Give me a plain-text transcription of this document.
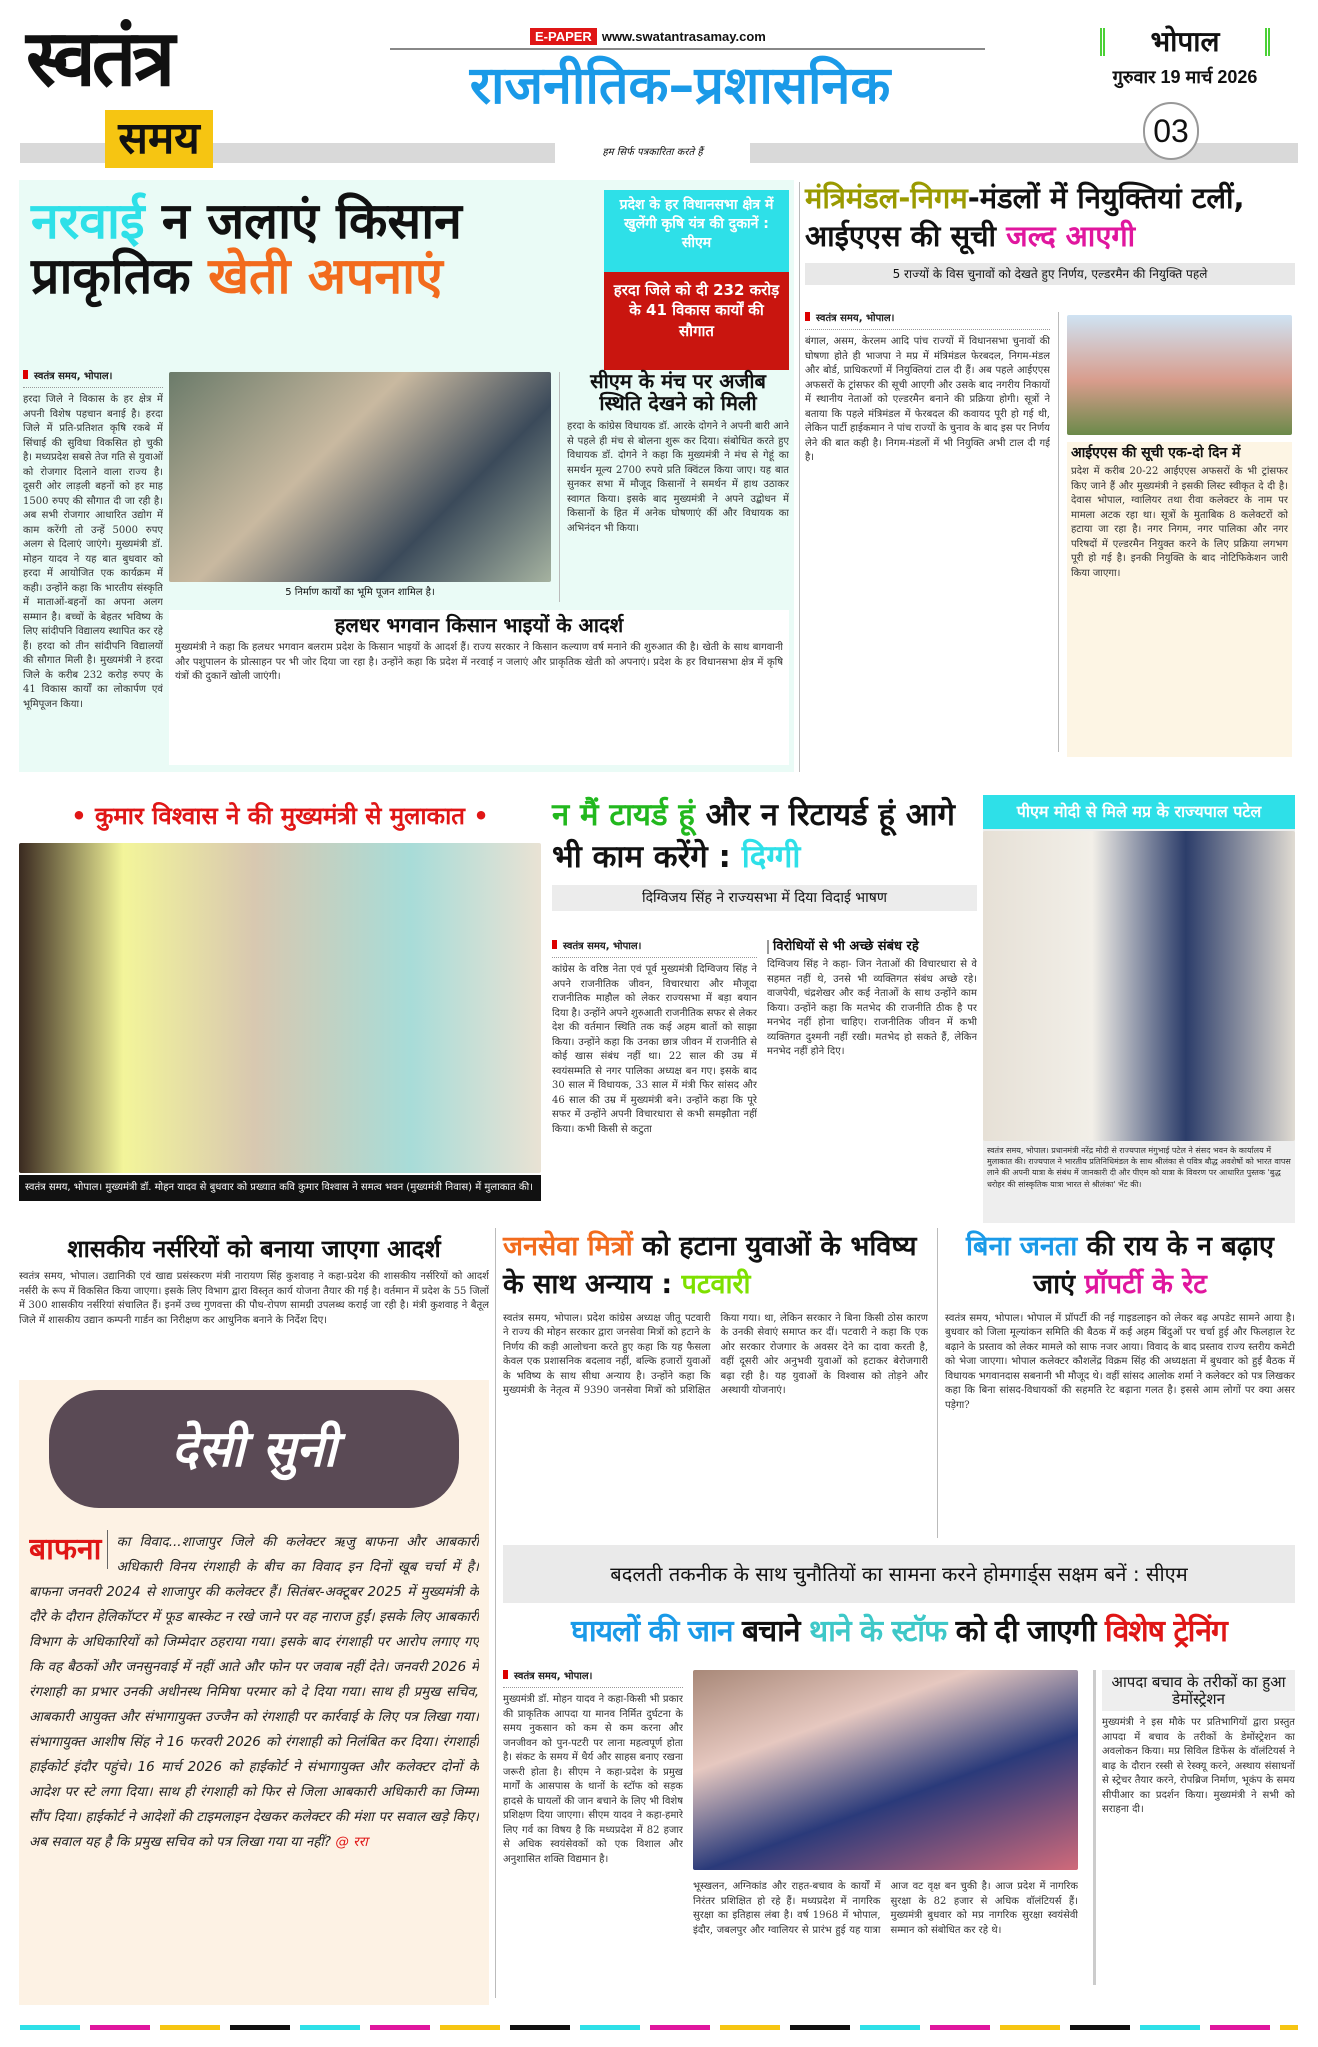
स्वतंत्र
समय	हम सिर्फ पत्रकारिता करते हैं
E-PAPER www.swatantrasamay.com
राजनीतिक–प्रशासनिक
भोपाल
गुरुवार 19 मार्च 2026
03
नरवाई न जलाएं किसान
प्राकृतिक खेती अपनाएं
प्रदेश के हर विधानसभा क्षेत्र में खुलेंगी कृषि यंत्र की दुकानें : सीएम
हरदा जिले को दी 232 करोड़ के 41 विकास कार्यों की सौगात
स्वतंत्र समय, भोपाल।
हरदा जिले ने विकास के हर क्षेत्र में अपनी विशेष पहचान बनाई है। हरदा जिले में प्रति-प्रतिशत कृषि रकबे में सिंचाई की सुविधा विकसित हो चुकी है। मध्यप्रदेश सबसे तेज गति से युवाओं को रोजगार दिलाने वाला राज्य है। दूसरी ओर लाड़ली बहनों को हर माह 1500 रुपए की सौगात दी जा रही है। अब सभी रोजगार आधारित उद्योग में काम करेंगी तो उन्हें 5000 रुपए अलग से दिलाएं जाएंगे। मुख्यमंत्री डॉ. मोहन यादव ने यह बात बुधवार को हरदा में आयोजित एक कार्यक्रम में कही। उन्होंने कहा कि भारतीय संस्कृति में माताओं-बहनों का अपना अलग सम्मान है। बच्चों के बेहतर भविष्य के लिए सांदीपनि विद्यालय स्थापित कर रहे हैं। हरदा को तीन सांदीपनि विद्यालयों की सौगात मिली है। मुख्यमंत्री ने हरदा जिले के करीब 232 करोड़ रुपए के 41 विकास कार्यों का लोकार्पण एवं भूमिपूजन किया।
5 निर्माण कार्यों का भूमि पूजन शामिल है।
सीएम के मंच पर अजीब स्थिति देखने को मिली
हरदा के कांग्रेस विधायक डॉ. आरके दोगने ने अपनी बारी आने से पहले ही मंच से बोलना शुरू कर दिया। संबोधित करते हुए विधायक डॉ. दोगने ने कहा कि मुख्यमंत्री ने मंच से गेहूं का समर्थन मूल्य 2700 रुपये प्रति क्विंटल किया जाए। यह बात सुनकर सभा में मौजूद किसानों ने समर्थन में हाथ उठाकर स्वागत किया। इसके बाद मुख्यमंत्री ने अपने उद्बोधन में किसानों के हित में अनेक घोषणाएं कीं और विधायक का अभिनंदन भी किया।
हलधर भगवान किसान भाइयों के आदर्श
मुख्यमंत्री ने कहा कि हलधर भगवान बलराम प्रदेश के किसान भाइयों के आदर्श हैं। राज्य सरकार ने किसान कल्याण वर्ष मनाने की शुरुआत की है। खेती के साथ बागवानी और पशुपालन के प्रोत्साहन पर भी जोर दिया जा रहा है। उन्होंने कहा कि प्रदेश में नरवाई न जलाएं और प्राकृतिक खेती को अपनाएं। प्रदेश के हर विधानसभा क्षेत्र में कृषि यंत्रों की दुकानें खोली जाएंगी।
मंत्रिमंडल-निगम-मंडलों में नियुक्तियां टलीं, आईएएस की सूची जल्द आएगी
5 राज्यों के विस चुनावों को देखते हुए निर्णय, एल्डरमैन की नियुक्ति पहले
स्वतंत्र समय, भोपाल।
बंगाल, असम, केरलम आदि पांच राज्यों में विधानसभा चुनावों की घोषणा होते ही भाजपा ने मप्र में मंत्रिमंडल फेरबदल, निगम-मंडल और बोर्ड, प्राधिकरणों में नियुक्तियां टाल दी हैं। अब पहले आईएएस अफसरों के ट्रांसफर की सूची आएगी और उसके बाद नगरीय निकायों में स्थानीय नेताओं को एल्डरमैन बनाने की प्रक्रिया होगी। सूत्रों ने बताया कि पहले मंत्रिमंडल में फेरबदल की कवायद पूरी हो गई थी, लेकिन पार्टी हाईकमान ने पांच राज्यों के चुनाव के बाद इस पर निर्णय लेने की बात कही है। निगम-मंडलों में भी नियुक्ति अभी टाल दी गई है।	आईएएस की सूची एक-दो दिन में
प्रदेश में करीब 20-22 आईएएस अफसरों के भी ट्रांसफर किए जाने हैं और मुख्यमंत्री ने इसकी लिस्ट स्वीकृत दे दी है। देवास भोपाल, ग्वालियर तथा रीवा कलेक्टर के नाम पर मामला अटक रहा था। सूत्रों के मुताबिक 8 कलेक्टरों को हटाया जा रहा है। नगर निगम, नगर पालिका और नगर परिषदों में एल्डरमैन नियुक्त करने के लिए प्रक्रिया लगभग पूरी हो गई है। इनकी नियुक्ति के बाद नोटिफिकेशन जारी किया जाएगा।
• कुमार विश्वास ने की मुख्यमंत्री से मुलाकात •
स्वतंत्र समय, भोपाल। मुख्यमंत्री डॉ. मोहन यादव से बुधवार को प्रख्यात कवि कुमार विश्वास ने समत्व भवन (मुख्यमंत्री निवास) में मुलाकात की।
न मैं टायर्ड हूं और न रिटायर्ड हूं आगे भी काम करेंगे : दिग्गी
दिग्विजय सिंह ने राज्यसभा में दिया विदाई भाषण
स्वतंत्र समय, भोपाल।
कांग्रेस के वरिष्ठ नेता एवं पूर्व मुख्यमंत्री दिग्विजय सिंह ने अपने राजनीतिक जीवन, विचारधारा और मौजूदा राजनीतिक माहौल को लेकर राज्यसभा में बड़ा बयान दिया है। उन्होंने अपने शुरुआती राजनीतिक सफर से लेकर देश की वर्तमान स्थिति तक कई अहम बातों को साझा किया। उन्होंने कहा कि उनका छात्र जीवन में राजनीति से कोई खास संबंध नहीं था। 22 साल की उम्र में स्वयंसम्मति से नगर पालिका अध्यक्ष बन गए। इसके बाद 30 साल में विधायक, 33 साल में मंत्री फिर सांसद और 46 साल की उम्र में मुख्यमंत्री बने। उन्होंने कहा कि पूरे सफर में उन्होंने अपनी विचारधारा से कभी समझौता नहीं किया। कभी किसी से कटुता
विरोधियों से भी अच्छे संबंध रहे
दिग्विजय सिंह ने कहा- जिन नेताओं की विचारधारा से वे सहमत नहीं थे, उनसे भी व्यक्तिगत संबंध अच्छे रहे। वाजपेयी, चंद्रशेखर और कई नेताओं के साथ उन्होंने काम किया। उन्होंने कहा कि मतभेद की राजनीति ठीक है पर मनभेद नहीं होना चाहिए। राजनीतिक जीवन में कभी व्यक्तिगत दुश्मनी नहीं रखी। मतभेद हो सकते हैं, लेकिन मनभेद नहीं होने दिए।
पीएम मोदी से मिले मप्र के राज्यपाल पटेल
स्वतंत्र समय, भोपाल। प्रधानमंत्री नरेंद्र मोदी से राज्यपाल मंगुभाई पटेल ने संसद भवन के कार्यालय में मुलाकात की। राज्यपाल ने भारतीय प्रतिनिधिमंडल के साथ श्रीलंका से पवित्र बौद्ध अवशेषों को भारत वापस लाने की अपनी यात्रा के संबंध में जानकारी दी और पीएम को यात्रा के विवरण पर आधारित पुस्तक 'बुद्ध धरोहर की सांस्कृतिक यात्रा भारत से श्रीलंका' भेंट की।
शासकीय नर्सरियों को बनाया जाएगा आदर्श
स्वतंत्र समय, भोपाल। उद्यानिकी एवं खाद्य प्रसंस्करण मंत्री नारायण सिंह कुशवाह ने कहा-प्रदेश की शासकीय नर्सरियों को आदर्श नर्सरी के रूप में विकसित किया जाएगा। इसके लिए विभाग द्वारा विस्तृत कार्य योजना तैयार की गई है। वर्तमान में प्रदेश के 55 जिलों में 300 शासकीय नर्सरियां संचालित हैं। इनमें उच्च गुणवत्ता की पौध-रोपण सामग्री उपलब्ध कराई जा रही है। मंत्री कुशवाह ने बैतूल जिले में शासकीय उद्यान कम्पनी गार्डन का निरीक्षण कर आधुनिक बनाने के निर्देश दिए।
जनसेवा मित्रों को हटाना युवाओं के भविष्य के साथ अन्याय : पटवारी
स्वतंत्र समय, भोपाल। प्रदेश कांग्रेस अध्यक्ष जीतू पटवारी ने राज्य की मोहन सरकार द्वारा जनसेवा मित्रों को हटाने के निर्णय की कड़ी आलोचना करते हुए कहा कि यह फैसला केवल एक प्रशासनिक बदलाव नहीं, बल्कि हजारों युवाओं के भविष्य के साथ सीधा अन्याय है। उन्होंने कहा कि मुख्यमंत्री के नेतृत्व में 9390 जनसेवा मित्रों को प्रशिक्षित किया गया। था, लेकिन सरकार ने बिना किसी ठोस कारण के उनकी सेवाएं समाप्त कर दीं। पटवारी ने कहा कि एक ओर सरकार रोजगार के अवसर देने का दावा करती है, वहीं दूसरी ओर अनुभवी युवाओं को हटाकर बेरोजगारी बढ़ा रही है। यह युवाओं के विश्वास को तोड़ने और अस्थायी योजनाएं।
बिना जनता की राय के न बढ़ाए जाएं प्रॉपर्टी के रेट
स्वतंत्र समय, भोपाल। भोपाल में प्रॉपर्टी की नई गाइडलाइन को लेकर बढ़ अपडेट सामने आया है। बुधवार को जिला मूल्यांकन समिति की बैठक में कई अहम बिंदुओं पर चर्चा हुई और फिलहाल रेट बढ़ाने के प्रस्ताव को लेकर मामले को साफ नजर आया। विवाद के बाद प्रस्ताव राज्य स्तरीय कमेटी को भेजा जाएगा। भोपाल कलेक्टर कौशलेंद्र विक्रम सिंह की अध्यक्षता में बुधवार को हुई बैठक में विधायक भगवानदास सबनानी भी मौजूद थे। वहीं सांसद आलोक शर्मा ने कलेक्टर को पत्र लिखकर कहा कि बिना सांसद-विधायकों की सहमति रेट बढ़ाना गलत है। इससे आम लोगों पर क्या असर पड़ेगा?
देसी सुनी
बाफना	का विवाद...शाजापुर जिले की कलेक्टर ऋजु बाफना और आबकारी अधिकारी विनय रंगशाही के बीच का विवाद इन दिनों खूब चर्चा में है। बाफना जनवरी 2024 से शाजापुर की कलेक्टर हैं। सितंबर-अक्टूबर 2025 में मुख्यमंत्री के दौरे के दौरान हेलिकॉप्टर में फूड बास्केट न रखे जाने पर वह नाराज हुईं। इसके लिए आबकारी विभाग के अधिकारियों को जिम्मेदार ठहराया गया। इसके बाद रंगशाही पर आरोप लगाए गए कि वह बैठकों और जनसुनवाई में नहीं आते और फोन पर जवाब नहीं देते। जनवरी 2026 में रंगशाही का प्रभार उनकी अधीनस्थ निमिषा परमार को दे दिया गया। साथ ही प्रमुख सचिव, आबकारी आयुक्त और संभागायुक्त उज्जैन को रंगशाही पर कार्रवाई के लिए पत्र लिखा गया। संभागायुक्त आशीष सिंह ने 16 फरवरी 2026 को रंगशाही को निलंबित कर दिया। रंगशाही हाईकोर्ट इंदौर पहुंचे। 16 मार्च 2026 को हाईकोर्ट ने संभागायुक्त और कलेक्टर दोनों के आदेश पर स्टे लगा दिया। साथ ही रंगशाही को फिर से जिला आबकारी अधिकारी का जिम्मा सौंप दिया। हाईकोर्ट ने आदेशों की टाइमलाइन देखकर कलेक्टर की मंशा पर सवाल खड़े किए। अब सवाल यह है कि प्रमुख सचिव को पत्र लिखा गया या नहीं? @ ररा
बदलती तकनीक के साथ चुनौतियों का सामना करने होमगार्ड्स सक्षम बनें : सीएम
घायलों की जान बचाने थाने के स्टॉफ को दी जाएगी विशेष ट्रेनिंग
स्वतंत्र समय, भोपाल।
मुख्यमंत्री डॉ. मोहन यादव ने कहा-किसी भी प्रकार की प्राकृतिक आपदा या मानव निर्मित दुर्घटना के समय नुकसान को कम से कम करना और जनजीवन को पुन-पटरी पर लाना महत्वपूर्ण होता है। संकट के समय में धैर्य और साहस बनाए रखना जरूरी होता है। सीएम ने कहा-प्रदेश के प्रमुख मार्गों के आसपास के थानों के स्टॉफ को सड़क हादसे के घायलों की जान बचाने के लिए भी विशेष प्रशिक्षण दिया जाएगा। सीएम यादव ने कहा-हमारे लिए गर्व का विषय है कि मध्यप्रदेश में 82 हजार से अधिक स्वयंसेवकों को एक विशाल और अनुशासित शक्ति विद्यमान है।
भूस्खलन, अग्निकांड और राहत-बचाव के कार्यों में निरंतर प्रशिक्षित हो रहे हैं। मध्यप्रदेश में नागरिक सुरक्षा का इतिहास लंबा है। वर्ष 1968 में भोपाल, इंदौर, जबलपुर और ग्वालियर से प्रारंभ हुई यह यात्रा आज वट वृक्ष बन चुकी है। आज प्रदेश में नागरिक सुरक्षा के 82 हजार से अधिक वॉलंटियर्स हैं। मुख्यमंत्री बुधवार को मप्र नागरिक सुरक्षा स्वयंसेवी सम्मान को संबोधित कर रहे थे।
आपदा बचाव के तरीकों का हुआ डेमोंस्ट्रेशन
मुख्यमंत्री ने इस मौके पर प्रतिभागियों द्वारा प्रस्तुत आपदा में बचाव के तरीकों के डेमोंस्ट्रेशन का अवलोकन किया। मप्र सिविल डिफेंस के वॉलंटियर्स ने बाढ़ के दौरान रस्सी से रेस्क्यू करने, अस्थाय संसाधनों से स्ट्रेचर तैयार करने, रोपब्रिज निर्माण, भूकंप के समय सीपीआर का प्रदर्शन किया। मुख्यमंत्री ने सभी को सराहना दी।
